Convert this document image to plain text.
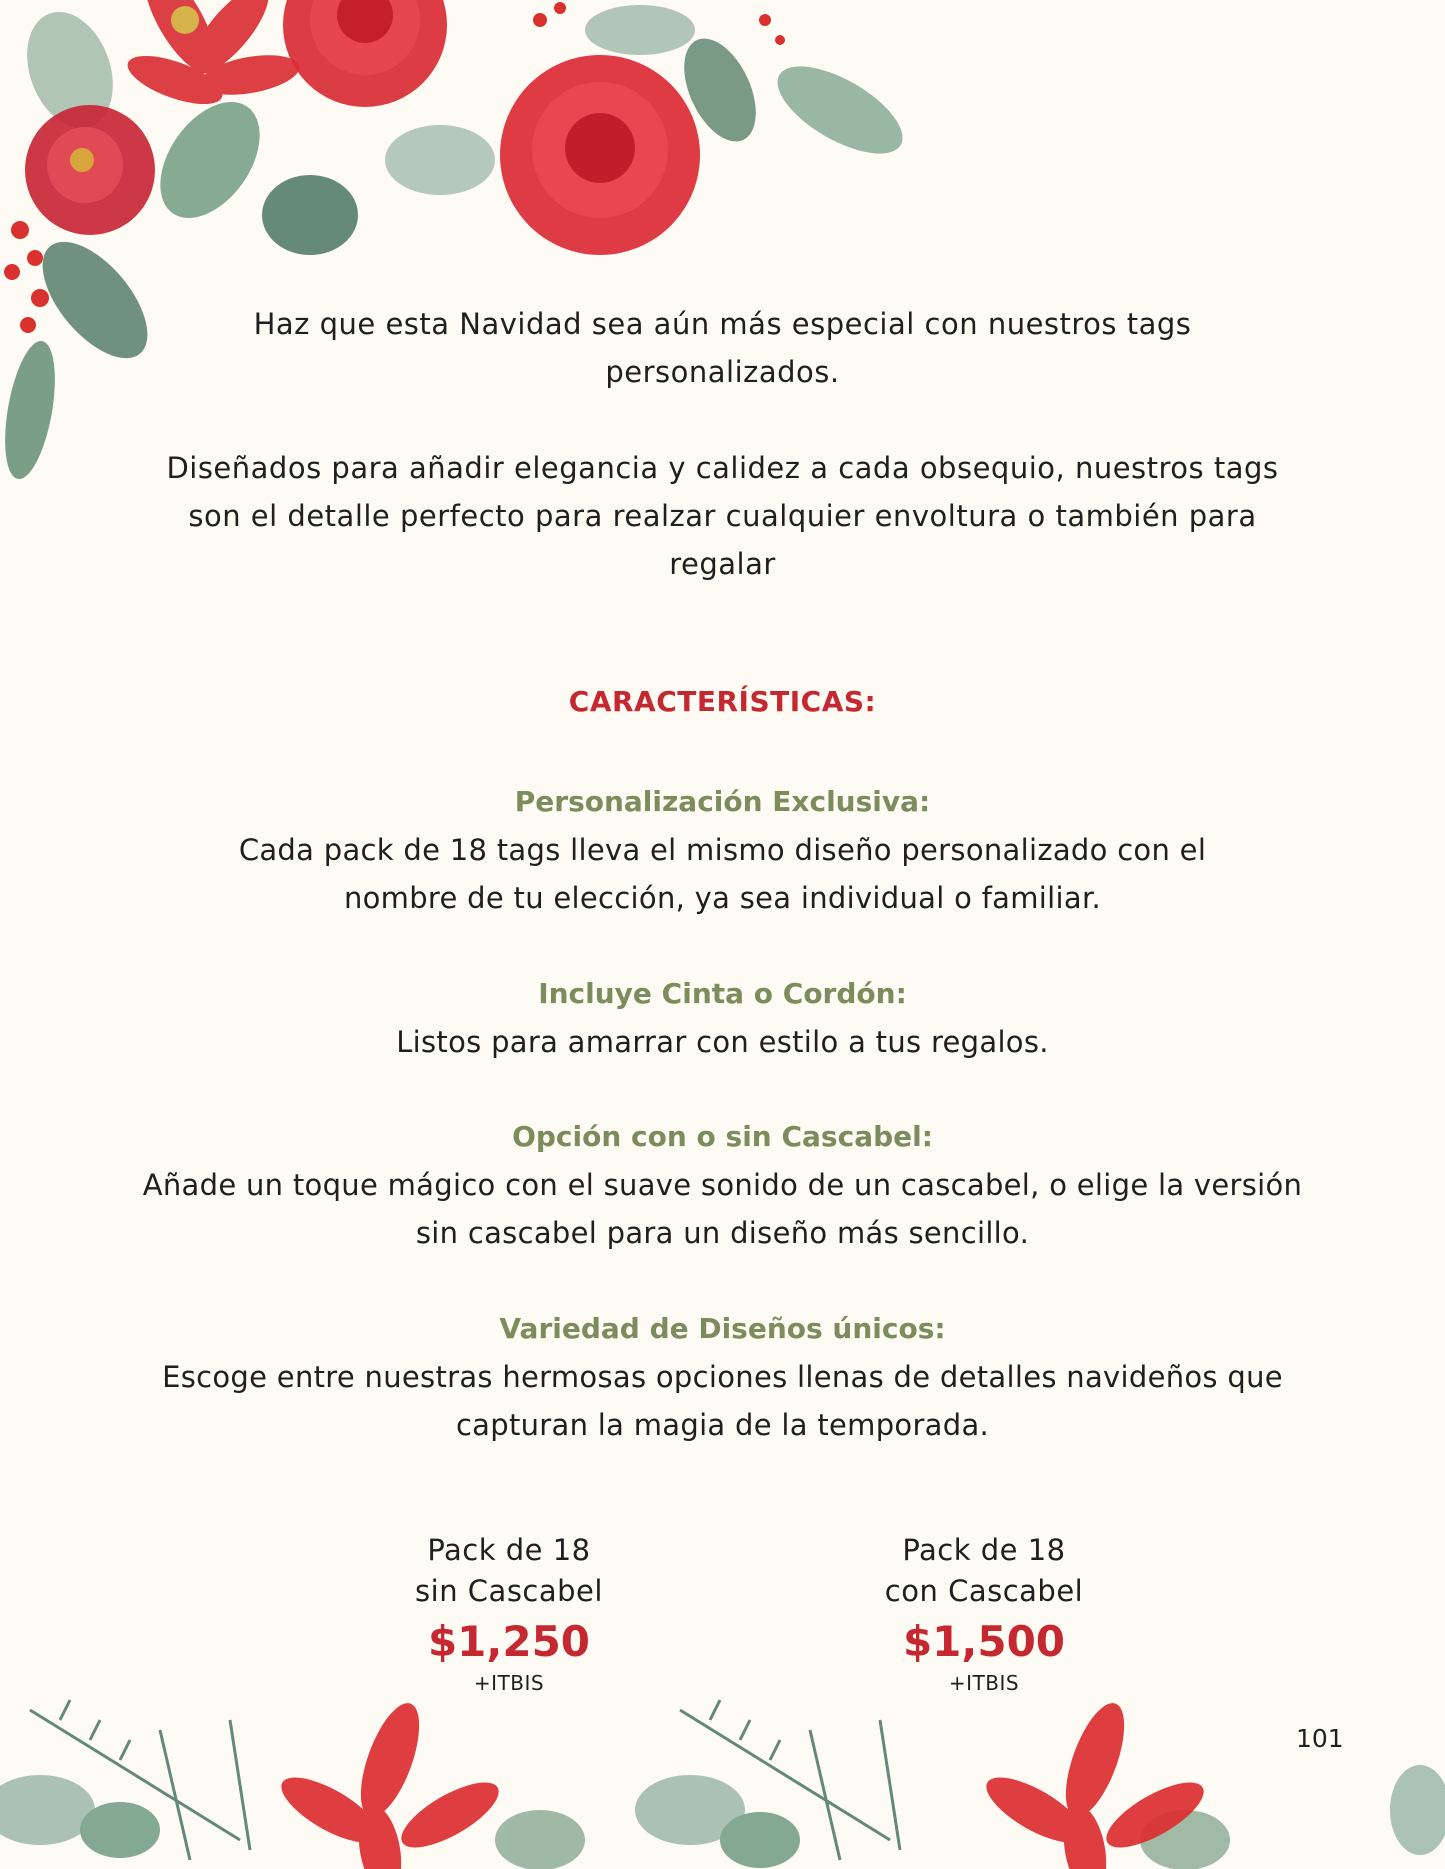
Haz que esta Navidad sea aún más especial con nuestros tags personalizados.

Diseñados para añadir elegancia y calidez a cada obsequio, nuestros tags son el detalle perfecto para realzar cualquier envoltura o también para regalar

CARACTERÍSTICAS:
Personalización Exclusiva:

Cada pack de 18 tags lleva el mismo diseño personalizado con el nombre de tu elección, ya sea individual o familiar.

Incluye Cinta o Cordón:

Listos para amarrar con estilo a tus regalos.

Opción con o sin Cascabel:

Añade un toque mágico con el suave sonido de un cascabel, o elige la versión sin cascabel para un diseño más sencillo.

Variedad de Diseños únicos:

Escoge entre nuestras hermosas opciones llenas de detalles navideños que capturan la magia de la temporada.

Pack de 18

sin Cascabel

$1,250

+ITBIS

Pack de 18

con Cascabel

$1,500

+ITBIS

101
